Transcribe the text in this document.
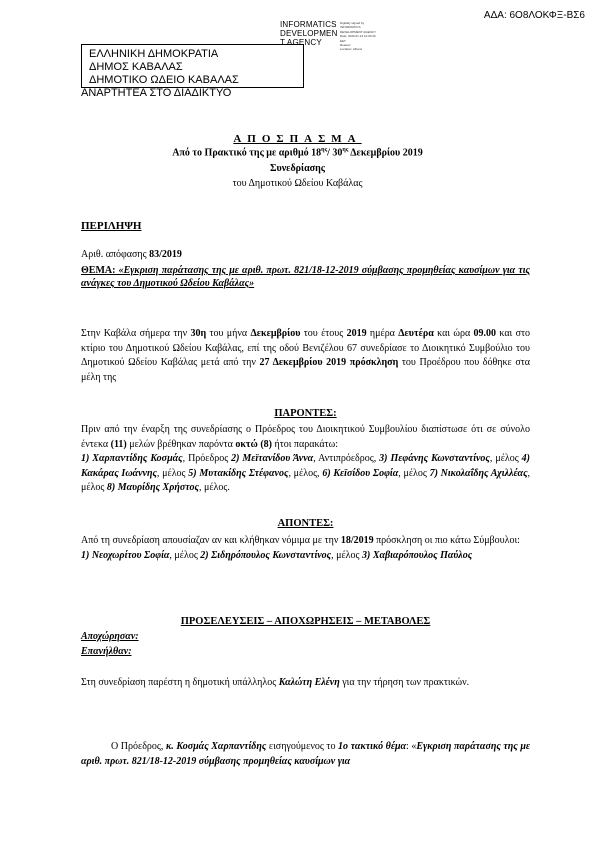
ΑΔΑ: 6Ο8ΛΟΚΦΞ-ΒΣ6
INFORMATICS
DEVELOPMEN
T AGENCY
Digitally signed by
INFORMATICS
DEVELOPMENT AGENCY
Date: 2020.01.13 12:30:43
EET
Reason:
Location: Athens
ΕΛΛΗΝΙΚΗ ΔΗΜΟΚΡΑΤΙΑ
ΔΗΜΟΣ ΚΑΒΑΛΑΣ
ΔΗΜΟΤΙΚΟ ΩΔΕΙΟ ΚΑΒΑΛΑΣ
ΑΝΑΡΤΗΤΕΑ ΣΤΟ ΔΙΑΔΙΚΤΥΟ
ΑΠΟΣΠΑΣΜΑ
Από το Πρακτικό της με αριθμό $18^{\eta\varsigma}/$ $30^{\eta\varsigma}$ Δεκεμβρίου 2019
Συνεδρίασης
του Δημοτικού Ωδείου Καβάλας
ΠΕΡΙΛΗΨΗ
Αριθ. απόφασης 83/2019
ΘΕΜΑ: «Εγκριση παράτασης της με αριθ. πρωτ. 821/18-12-2019 σύμβασης προμηθείας καυσίμων για τις ανάγκες του Δημοτικού Ωδείου Καβάλας»
Στην Καβάλα σήμερα την 30η του μήνα Δεκεμβρίου του έτους 2019 ημέρα Δευτέρα και ώρα 09.00 και στο κτίριο του Δημοτικού Ωδείου Καβάλας, επί της οδού Βενιζέλου 67 συνεδρίασε το Διοικητικό Συμβούλιο του Δημοτικού Ωδείου Καβάλας μετά από την 27 Δεκεμβρίου 2019 πρόσκληση του Προέδρου που δόθηκε στα μέλη της
ΠΑΡΟΝΤΕΣ:
Πριν από την έναρξη της συνεδρίασης ο Πρόεδρος του Διοικητικού Συμβουλίου διαπίστωσε ότι σε σύνολο έντεκα (11) μελών βρέθηκαν παρόντα οκτώ (8) ήτοι παρακάτω:
1) Χαρπαντίδης Κοσμάς, Πρόεδρος 2) Μεϊτανίδου Άννα, Αντιπρόεδρος, 3) Πεφάνης Κωνσταντίνος, μέλος 4) Κακάρας Ιωάννης, μέλος 5) Μυτακίδης Στέφανος, μέλος, 6) Κεϊσίδου Σοφία, μέλος 7) Νικολαΐδης Αχιλλέας, μέλος 8) Μαυρίδης Χρήστος, μέλος.
ΑΠΟΝΤΕΣ:
Από τη συνεδρίαση απουσίαζαν αν και κλήθηκαν νόμιμα με την 18/2019 πρόσκληση οι πιο κάτω Σύμβουλοι:
1) Νεοχωρίτου Σοφία, μέλος 2) Σιδηρόπουλος Κωνσταντίνος, μέλος 3) Χαβιαρόπουλος Παύλος
ΠΡΟΣΕΛΕΥΣΕΙΣ – ΑΠΟΧΩΡΗΣΕΙΣ – ΜΕΤΑΒΟΛΕΣ
Αποχώρησαν:
Επανήλθαν:
Στη συνεδρίαση παρέστη η δημοτική υπάλληλος Καλώτη Ελένη για την τήρηση των πρακτικών.
Ο Πρόεδρος, κ. Κοσμάς Χαρπαντίδης εισηγούμενος το 1ο τακτικό θέμα: «Εγκριση παράτασης της με αριθ. πρωτ. 821/18-12-2019 σύμβασης προμηθείας καυσίμων για
